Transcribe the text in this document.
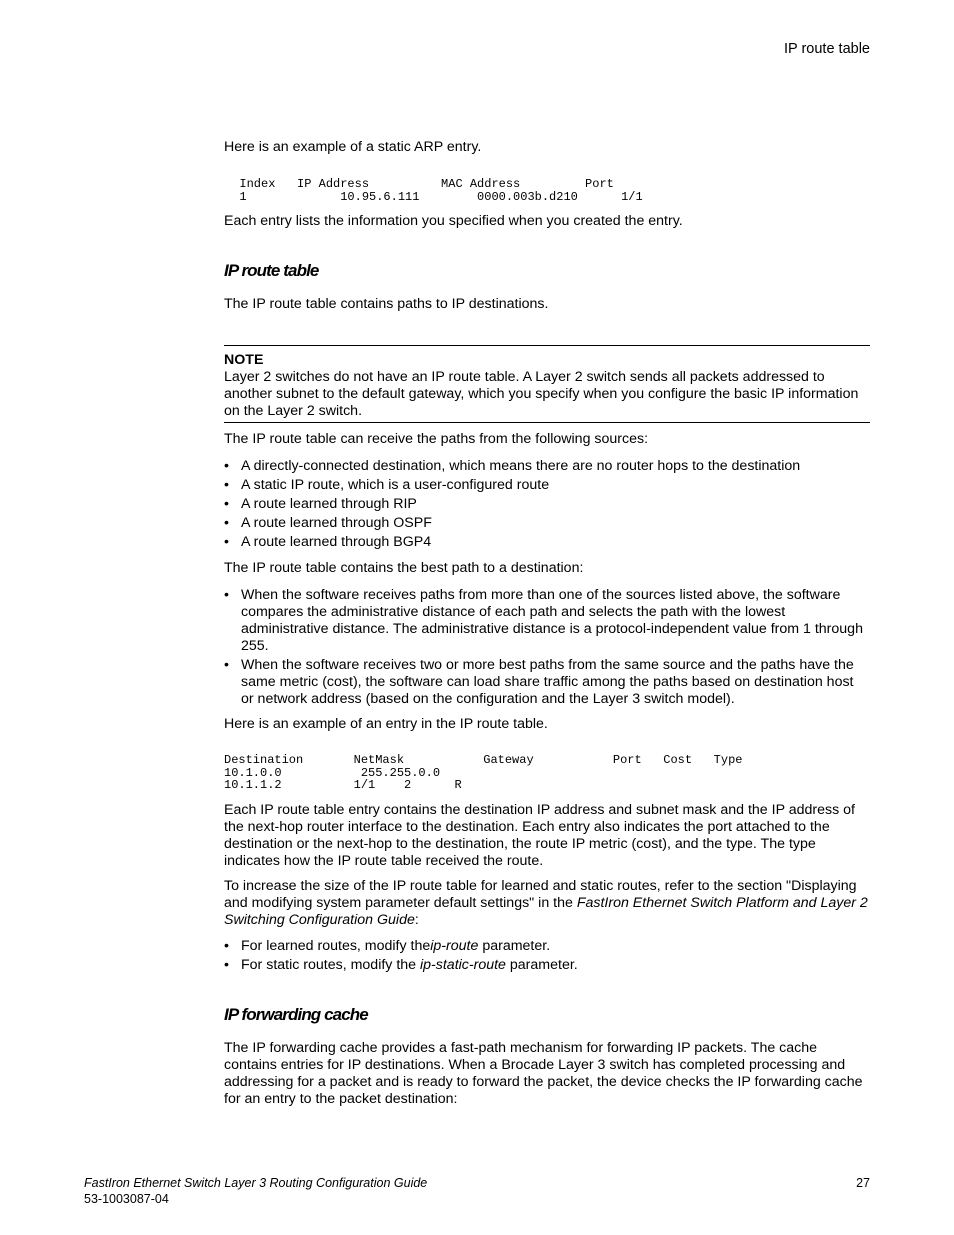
IP route table

Here is an example of a static ARP entry.

Index   IP Address          MAC Address         Port
1             10.95.6.111        0000.003b.d210      1/1

Each entry lists the information you specified when you created the entry.

IP route table

The IP route table contains paths to IP destinations.

NOTE

Layer 2 switches do not have an IP route table. A Layer 2 switch sends all packets addressed to another subnet to the default gateway, which you specify when you configure the basic IP information on the Layer 2 switch.

The IP route table can receive the paths from the following sources:

• A directly-connected destination, which means there are no router hops to the destination
• A static IP route, which is a user-configured route
• A route learned through RIP
• A route learned through OSPF
• A route learned through BGP4

The IP route table contains the best path to a destination:

• When the software receives paths from more than one of the sources listed above, the software compares the administrative distance of each path and selects the path with the lowest administrative distance. The administrative distance is a protocol-independent value from 1 through 255.
• When the software receives two or more best paths from the same source and the paths have the same metric (cost), the software can load share traffic among the paths based on destination host or network address (based on the configuration and the Layer 3 switch model).

Here is an example of an entry in the IP route table.

Destination       NetMask           Gateway           Port   Cost   Type
10.1.0.0           255.255.0.0
10.1.1.2          1/1    2      R

Each IP route table entry contains the destination IP address and subnet mask and the IP address of the next-hop router interface to the destination. Each entry also indicates the port attached to the destination or the next-hop to the destination, the route IP metric (cost), and the type. The type indicates how the IP route table received the route.

To increase the size of the IP route table for learned and static routes, refer to the section "Displaying and modifying system parameter default settings" in the FastIron Ethernet Switch Platform and Layer 2 Switching Configuration Guide:

• For learned routes, modify theip-route parameter.
• For static routes, modify the ip-static-route parameter.
IP forwarding cache

The IP forwarding cache provides a fast-path mechanism for forwarding IP packets. The cache contains entries for IP destinations. When a Brocade Layer 3 switch has completed processing and addressing for a packet and is ready to forward the packet, the device checks the IP forwarding cache for an entry to the packet destination:

FastIron Ethernet Switch Layer 3 Routing Configuration Guide
53-1003087-04
27
